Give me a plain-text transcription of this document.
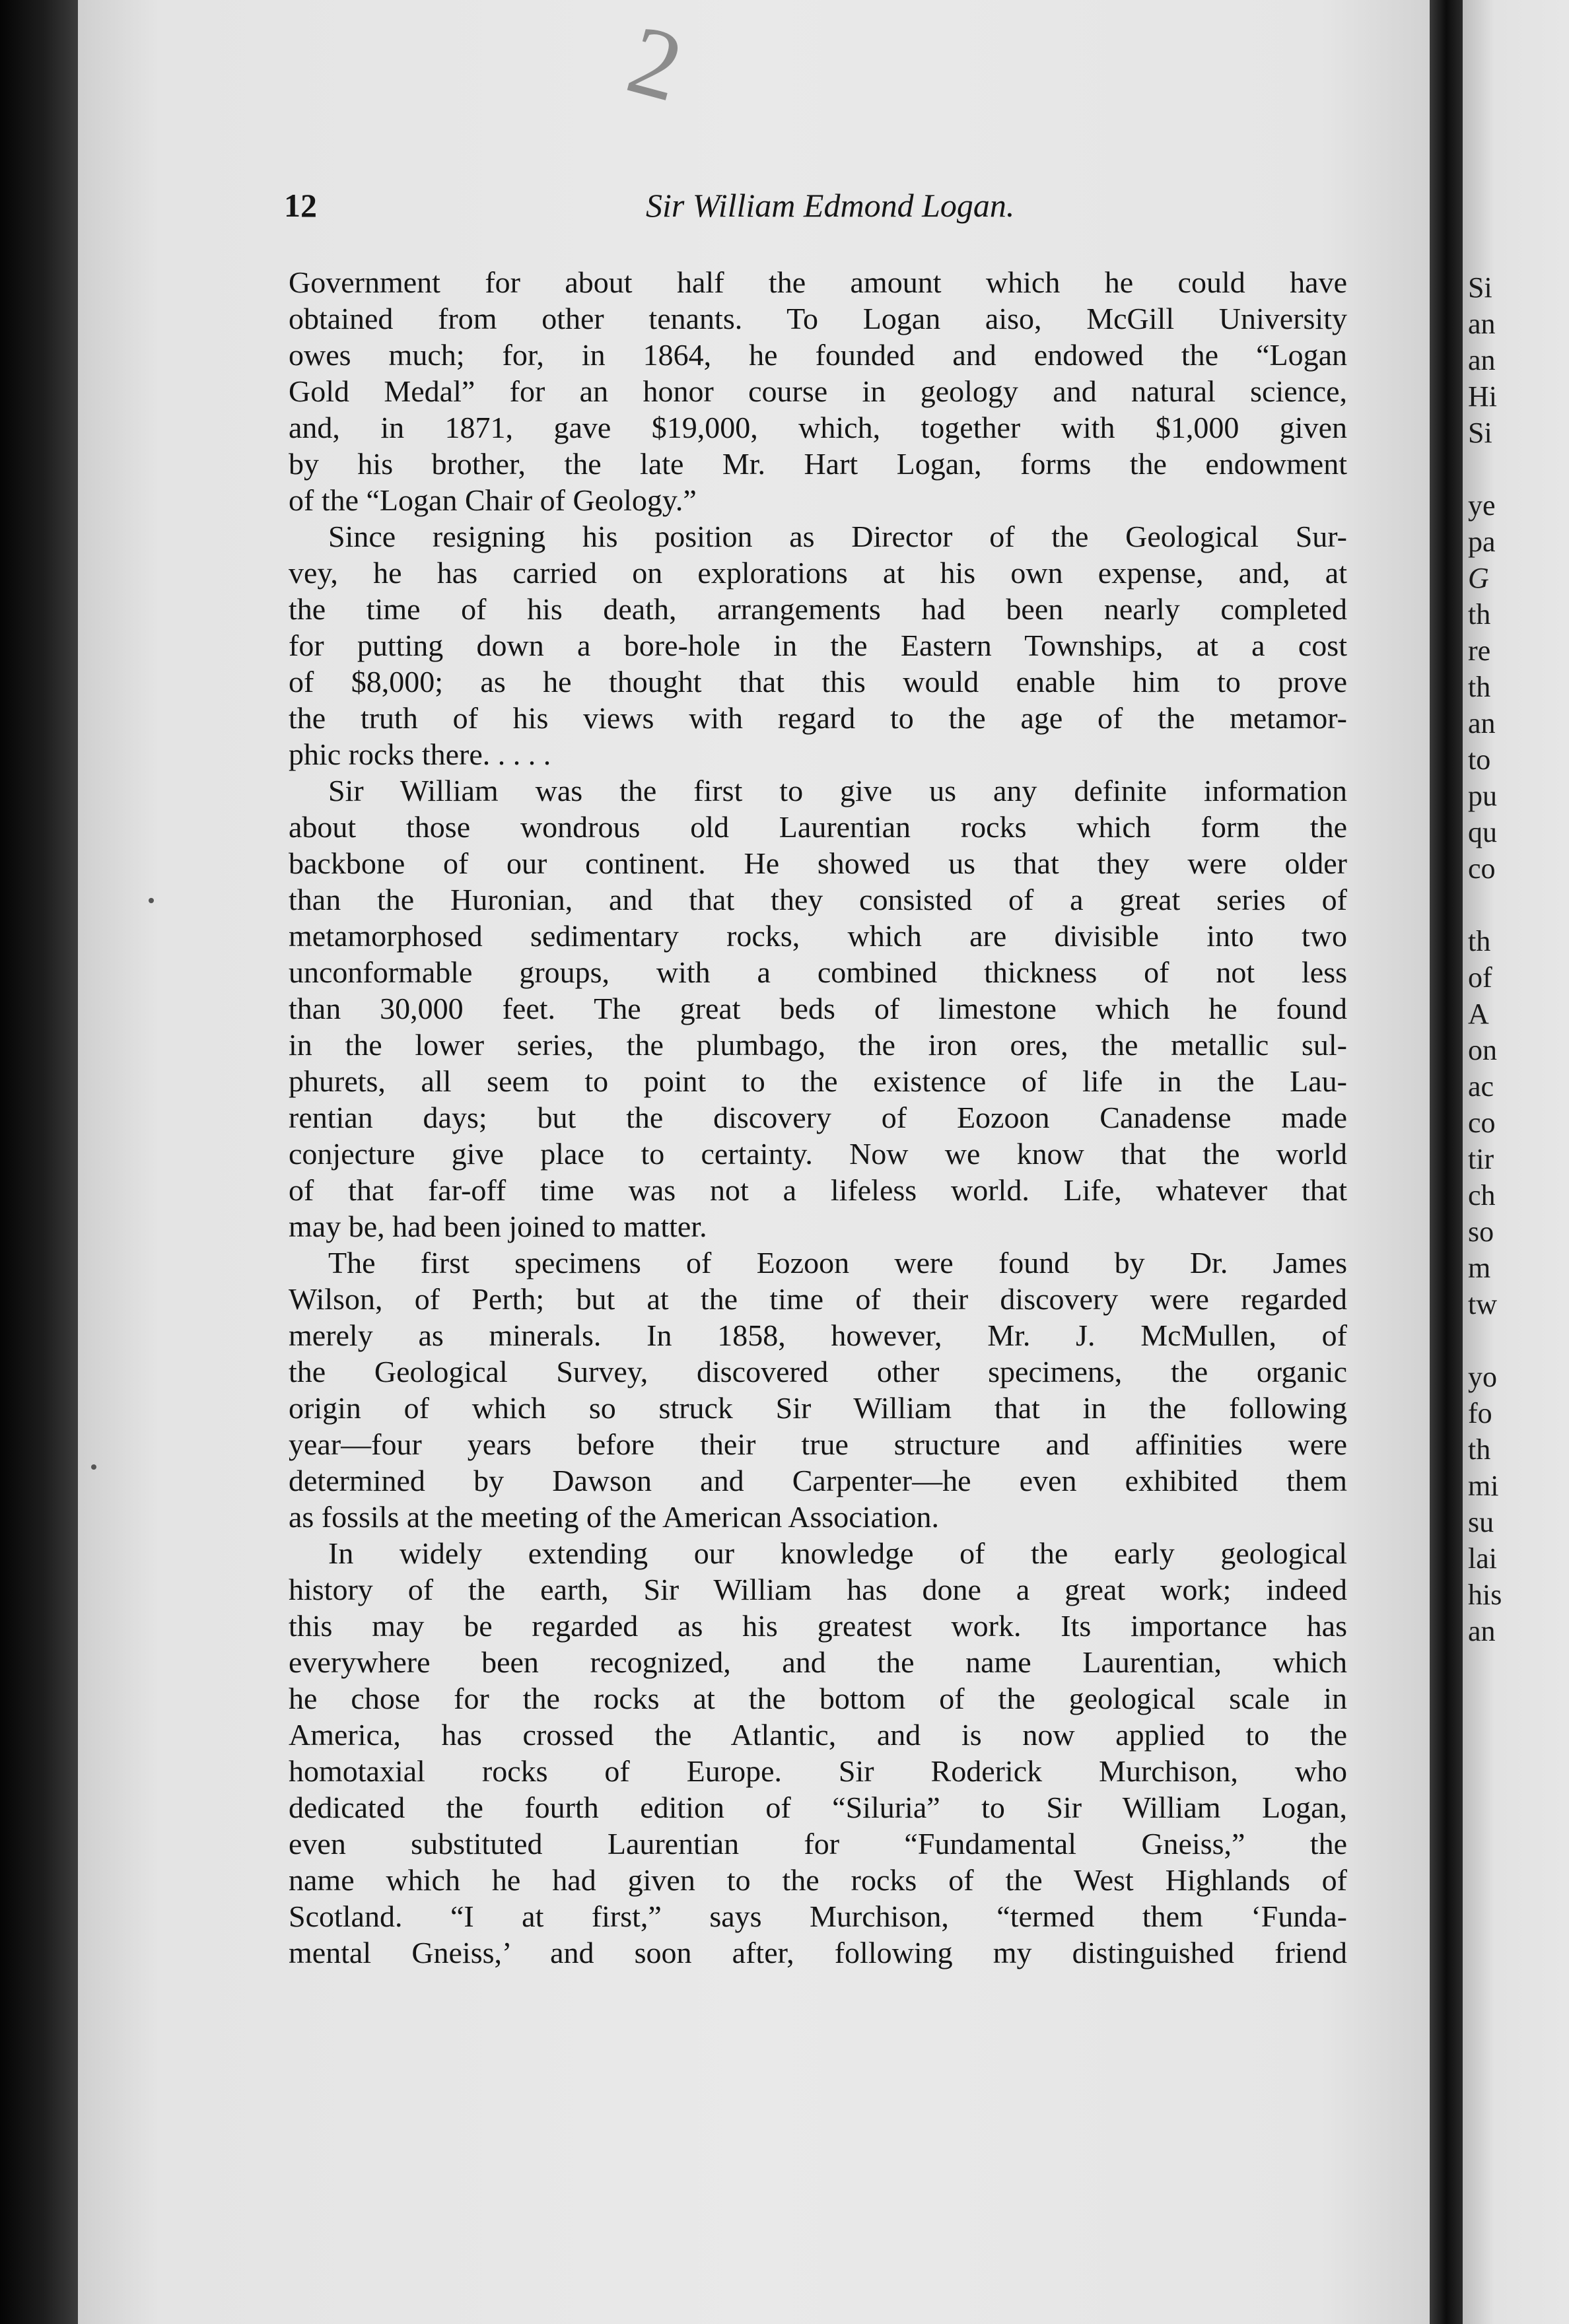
2
12	Sir William Edmond Logan.
Government for about half the amount which he could have
obtained from other tenants. To Logan aiso, McGill University
owes much; for, in 1864, he founded and endowed the “Logan
Gold Medal” for an honor course in geology and natural science,
and, in 1871, gave $19,000, which, together with $1,000 given
by his brother, the late Mr. Hart Logan, forms the endowment
of the “Logan Chair of Geology.”
Since resigning his position as Director of the Geological Sur-
vey, he has carried on explorations at his own expense, and, at
the time of his death, arrangements had been nearly completed
for putting down a bore-hole in the Eastern Townships, at a cost
of $8,000; as he thought that this would enable him to prove
the truth of his views with regard to the age of the metamor-
phic rocks there. . . . .
Sir William was the first to give us any definite information
about those wondrous old Laurentian rocks which form the
backbone of our continent. He showed us that they were older
than the Huronian, and that they consisted of a great series of
metamorphosed sedimentary rocks, which are divisible into two
unconformable groups, with a combined thickness of not less
than 30,000 feet. The great beds of limestone which he found
in the lower series, the plumbago, the iron ores, the metallic sul-
phurets, all seem to point to the existence of life in the Lau-
rentian days; but the discovery of Eozoon Canadense made
conjecture give place to certainty. Now we know that the world
of that far-off time was not a lifeless world. Life, whatever that
may be, had been joined to matter.
The first specimens of Eozoon were found by Dr. James
Wilson, of Perth; but at the time of their discovery were regarded
merely as minerals. In 1858, however, Mr. J. McMullen, of
the Geological Survey, discovered other specimens, the organic
origin of which so struck Sir William that in the following
year—four years before their true structure and affinities were
determined by Dawson and Carpenter—he even exhibited them
as fossils at the meeting of the American Association.
In widely extending our knowledge of the early geological
history of the earth, Sir William has done a great work; indeed
this may be regarded as his greatest work. Its importance has
everywhere been recognized, and the name Laurentian, which
he chose for the rocks at the bottom of the geological scale in
America, has crossed the Atlantic, and is now applied to the
homotaxial rocks of Europe. Sir Roderick Murchison, who
dedicated the fourth edition of “Siluria” to Sir William Logan,
even substituted Laurentian for “Fundamental Gneiss,” the
name which he had given to the rocks of the West Highlands of
Scotland. “I at first,” says Murchison, “termed them ‘Funda-
mental Gneiss,’ and soon after, following my distinguished friend
Si
an
an
Hi
Si
ye
pa
G
th
re
th
an
to
pu
qu
co
th
of
A
on
ac
co
tir
ch
so
m
tw
yo
fo
th
mi
su
lai
his
an
